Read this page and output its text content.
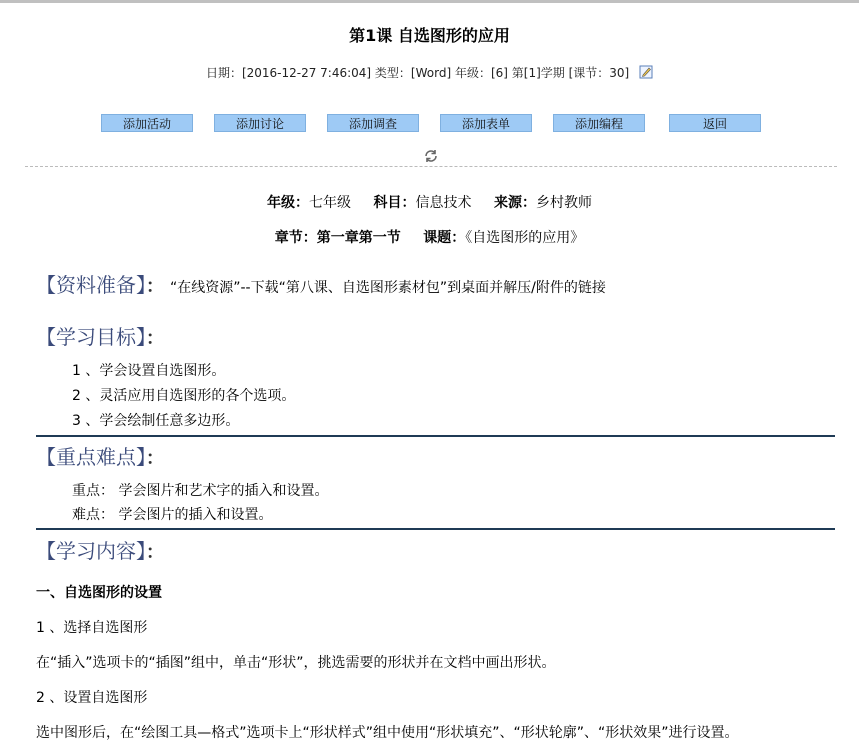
第1课 自选图形的应用
日期：[2016-12-27 7:46:04] 类型：[Word] 年级：[6] 第[1]学期 [课节：30]
添加活动	添加讨论	添加调查	添加表单	添加编程	返回
年级：七年级 科目：信息技术 来源：乡村教师
章节：第一章第一节 课题：《自选图形的应用》
【资料准备】： “在线资源”--下载“第八课、自选图形素材包”到桌面并解压/附件的链接
【学习目标】：
1 、学会设置自选图形。
2 、灵活应用自选图形的各个选项。
3 、学会绘制任意多边形。
【重点难点】：
重点： 学会图片和艺术字的插入和设置。
难点： 学会图片的插入和设置。
【学习内容】：
一、自选图形的设置
1 、选择自选图形
在“插入”选项卡的“插图”组中，单击“形状”，挑选需要的形状并在文档中画出形状。
2 、设置自选图形
选中图形后，在“绘图工具—格式”选项卡上“形状样式”组中使用“形状填充”、“形状轮廓”、“形状效果”进行设置。
